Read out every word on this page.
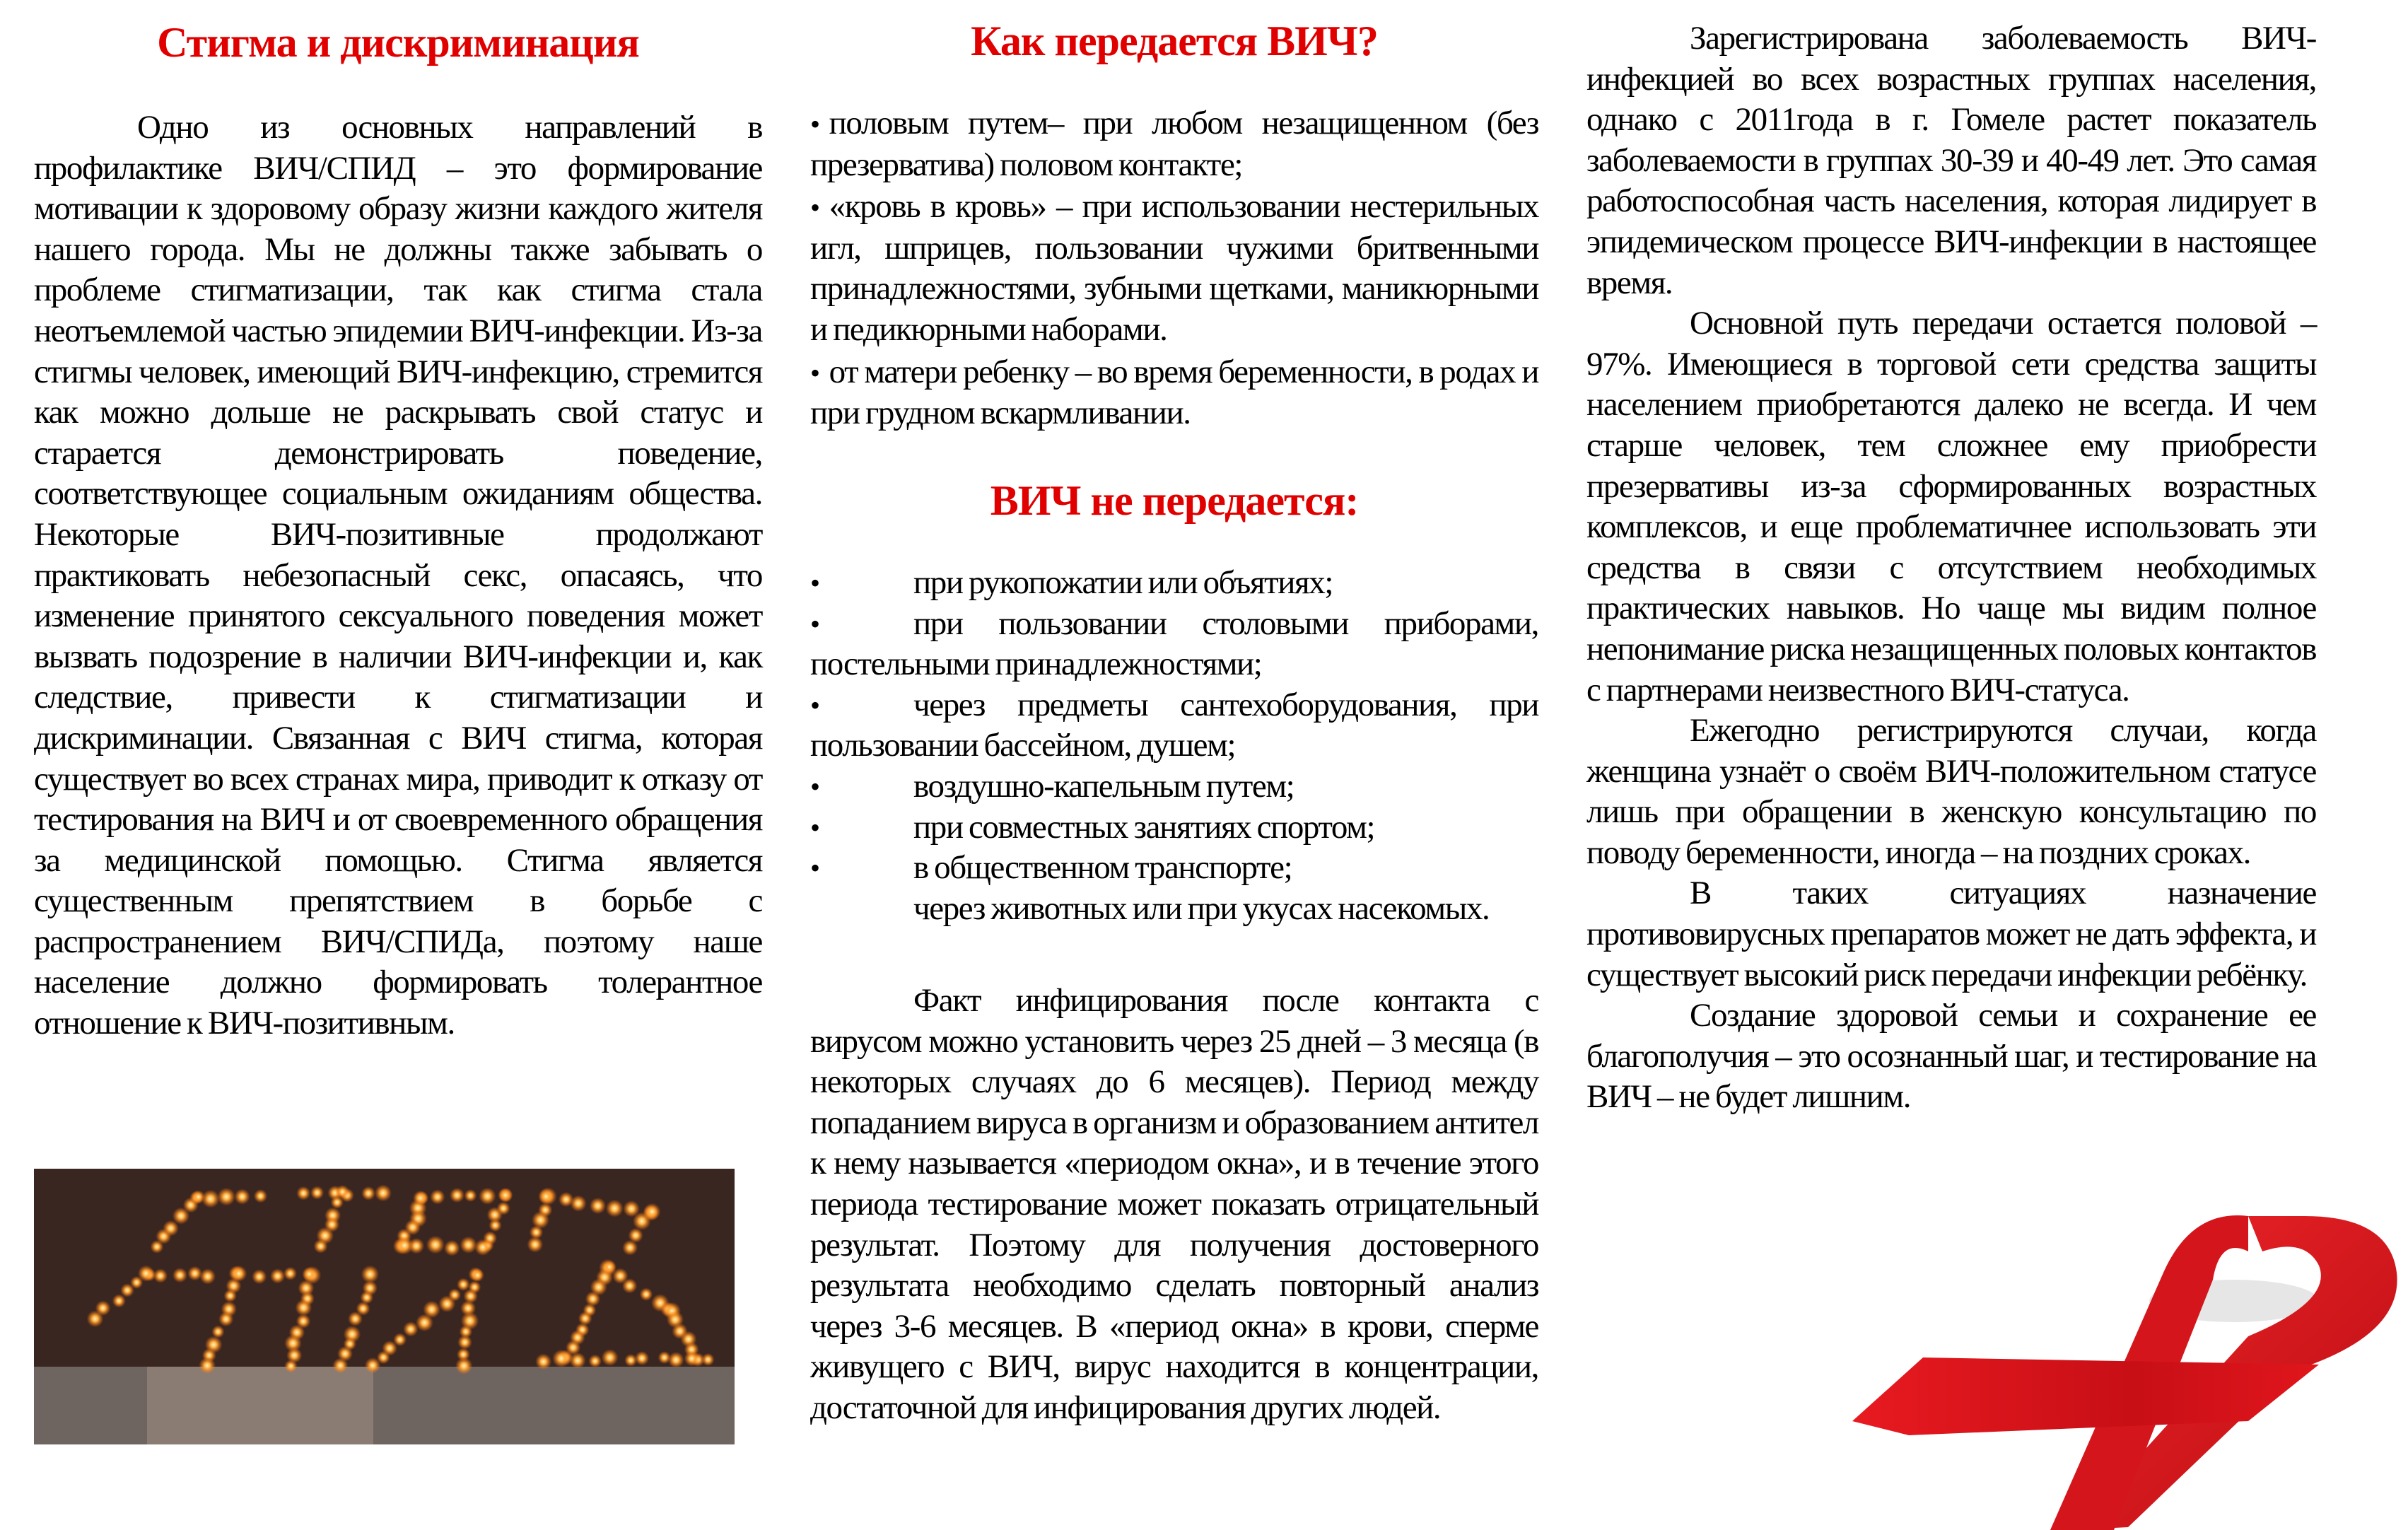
Стигма и дискриминация

Одно из основных направлений в профилактике ВИЧ/СПИД – это формирование мотивации к здоровому образу жизни каждого жителя нашего города. Мы не должны также забывать о проблеме стигматизации, так как стигма стала неотъемлемой частью эпидемии ВИЧ-инфекции. Из-за стигмы человек, имеющий ВИЧ-инфекцию, стремится как можно дольше не раскрывать свой статус и старается демонстрировать поведение, соответствующее социальным ожиданиям общества. Некоторые ВИЧ-позитивные продолжают практиковать небезопасный секс, опасаясь, что изменение принятого сексуального поведения может вызвать подозрение в наличии ВИЧ-инфекции и, как следствие, привести к стигматизации и дискриминации. Связанная с ВИЧ стигма, которая существует во всех странах мира, приводит к отказу от тестирования на ВИЧ и от своевременного обращения за медицинской помощью. Стигма является существенным препятствием в борьбе с распространением ВИЧ/СПИДа, поэтому наше население должно формировать толерантное отношение к ВИЧ-позитивным.

Как передается ВИЧ?

• половым путем– при любом незащищенном (без презерватива) половом контакте;

• «кровь в кровь» – при использовании нестерильных игл, шприцев, пользовании чужими бритвенными принадлежностями, зубными щетками, маникюрными и педикюрными наборами.

• от матери ребенку – во время беременности, в родах и при грудном вскармливании.

ВИЧ не передается:

•	при рукопожатии или объятиях;

•	при пользовании столовыми приборами, постельными принадлежностями;

•	через предметы сантехоборудования, при пользовании бассейном, душем;

•	воздушно-капельным путем;

•	при совместных занятиях спортом;

•	в общественном транспорте;

через животных или при укусах насекомых.

Факт инфицирования после контакта с вирусом можно установить через 25 дней – 3 месяца (в некоторых случаях до 6 месяцев). Период между попаданием вируса в организм и образованием антител к нему называется «периодом окна», и в течение этого периода тестирование может показать отрицательный результат. Поэтому для получения достоверного результата необходимо сделать повторный анализ через 3-6 месяцев. В «период окна» в крови, сперме живущего с ВИЧ, вирус находится в концентрации, достаточной для инфицирования других людей.

Зарегистрирована заболеваемость ВИЧ-инфекцией во всех возрастных группах населения, однако с 2011года в г. Гомеле растет показатель заболеваемости в группах 30-39 и 40-49 лет. Это самая работоспособная часть населения, которая лидирует в эпидемическом процессе ВИЧ-инфекции в настоящее время.

Основной путь передачи остается половой – 97%. Имеющиеся в торговой сети средства защиты населением приобретаются далеко не всегда. И чем старше человек, тем сложнее ему приобрести презервативы из-за сформированных возрастных комплексов, и еще проблематичнее использовать эти средства в связи с отсутствием необходимых практических навыков. Но чаще мы видим полное непонимание риска незащищенных половых контактов с партнерами неизвестного ВИЧ-статуса.

Ежегодно регистрируются случаи, когда женщина узнаёт о своём ВИЧ-положительном статусе лишь при обращении в женскую консультацию по поводу беременности, иногда – на поздних сроках.

В таких ситуациях назначение противовирусных препаратов может не дать эффекта, и существует высокий риск передачи инфекции ребёнку.

Создание здоровой семьи и сохранение ее благополучия – это осознанный шаг, и тестирование на ВИЧ – не будет лишним.
